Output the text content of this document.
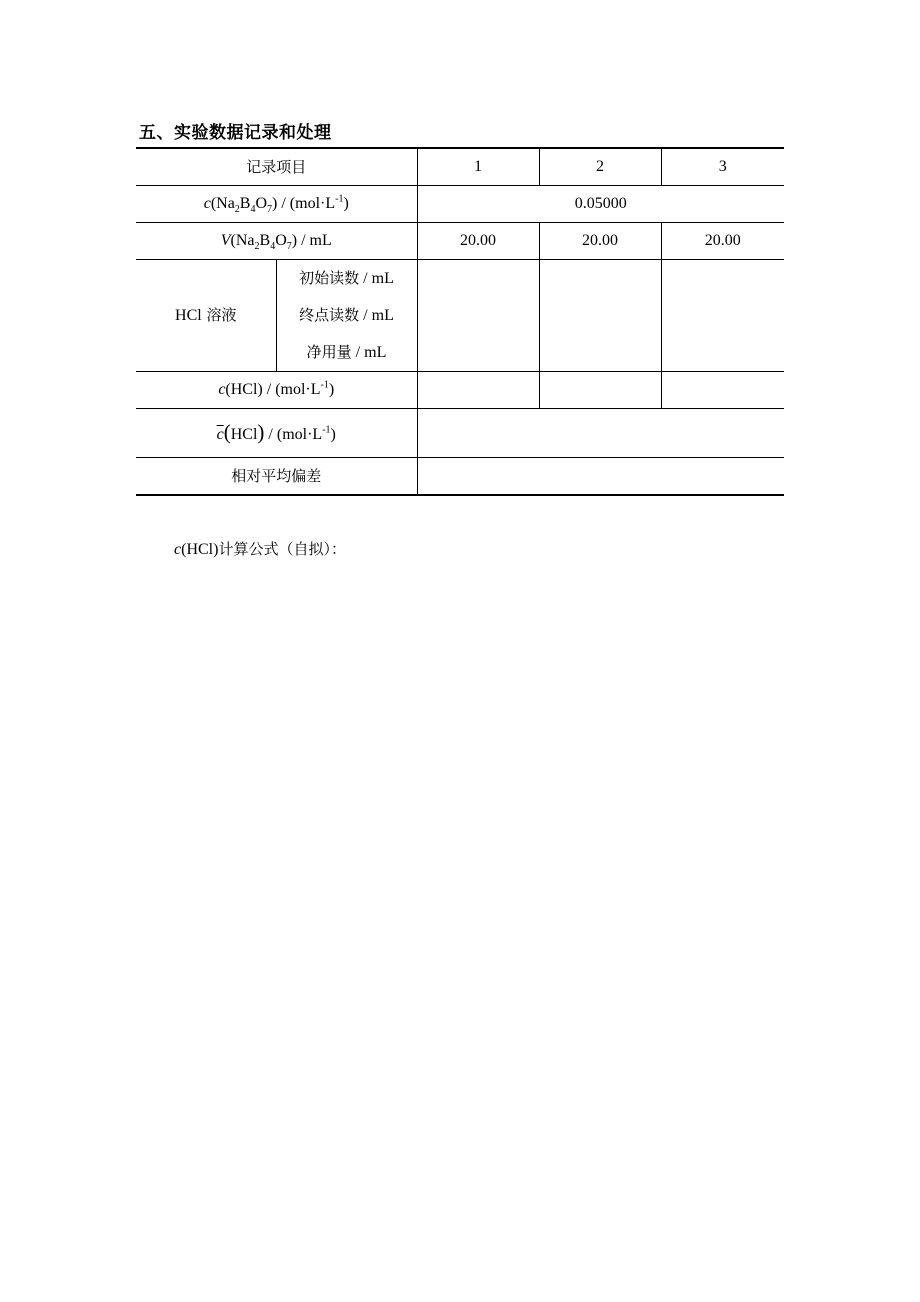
五、实验数据记录和处理
记录项目		1	2	3
$c(Na_2B_4O_7) / (mol\cdot L^{-1})$		0.05000		
$V(Na_2B_4O_7)$ / mL		20.00	20.00	20.00
HCl 溶液	初始读数 / mL
终点读数 / mL
净用量 / mL			

$c(HCl) / (mol\cdot L^{-1})$				
$\overline{c}(HCl) / (mol\cdot L^{-1})$				
相对平均偏差				
c(HCl)计算公式（自拟）：
